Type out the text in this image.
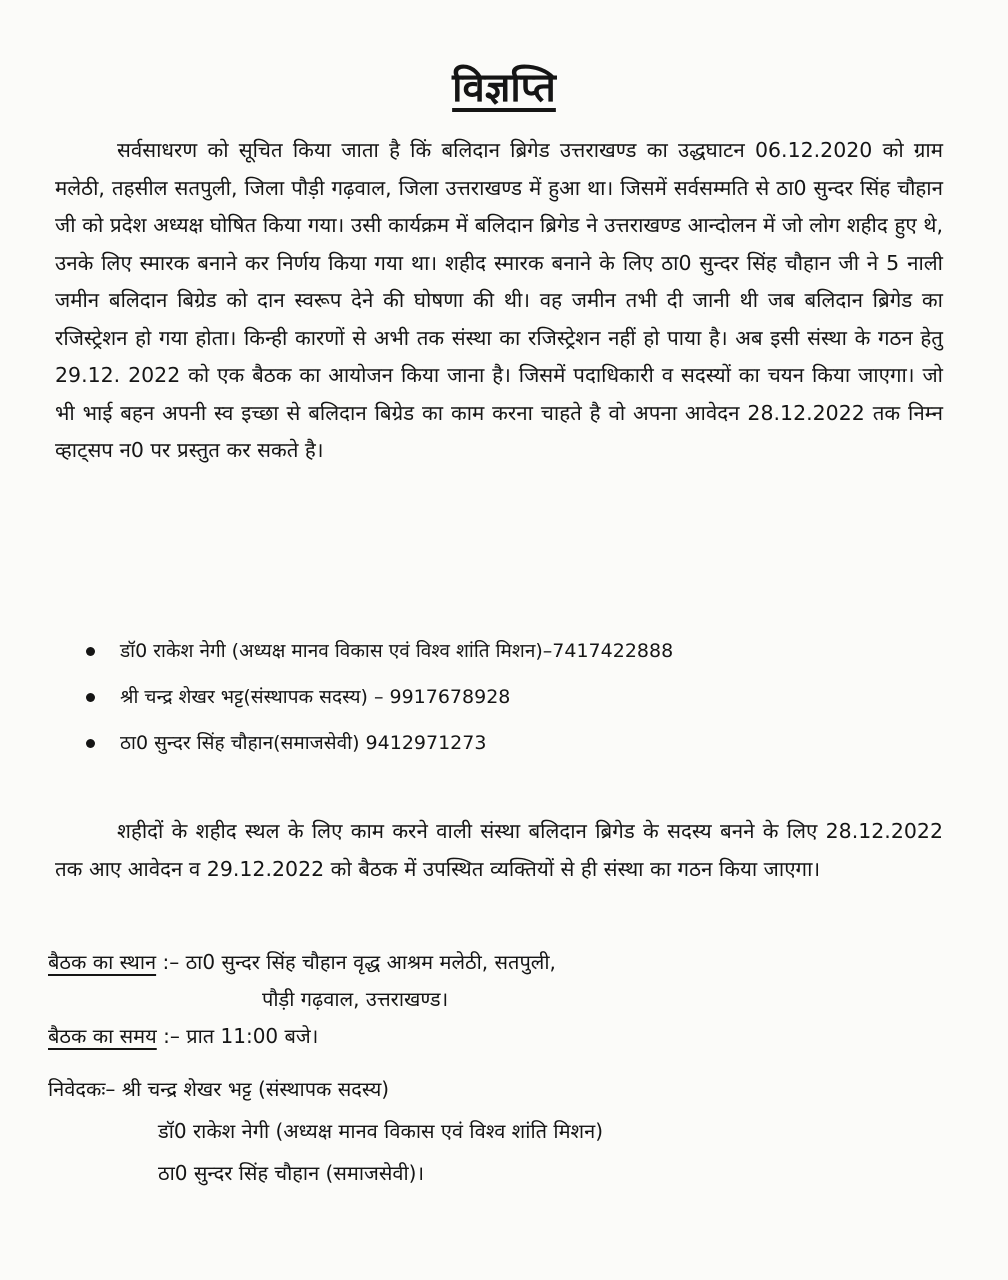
विज्ञप्ति

सर्वसाधरण को सूचित किया जाता है किं बलिदान ब्रिगेड उत्तराखण्ड का उद्धघाटन 06.12.2020 को ग्राम मलेठी, तहसील सतपुली, जिला पौड़ी गढ़वाल, जिला उत्तराखण्ड में हुआ था। जिसमें सर्वसम्मति से ठा0 सुन्दर सिंह चौहान जी को प्रदेश अध्यक्ष घोषित किया गया। उसी कार्यक्रम में बलिदान ब्रिगेड ने उत्तराखण्ड आन्दोलन में जो लोग शहीद हुए थे, उनके लिए स्मारक बनाने कर निर्णय किया गया था। शहीद स्मारक बनाने के लिए ठा0 सुन्दर सिंह चौहान जी ने 5 नाली जमीन बलिदान बिग्रेड को दान स्वरूप देने की घोषणा की थी। वह जमीन तभी दी जानी थी जब बलिदान ब्रिगेड का रजिस्ट्रेशन हो गया होता। किन्ही कारणों से अभी तक संस्था का रजिस्ट्रेशन नहीं हो पाया है। अब इसी संस्था के गठन हेतु 29.12. 2022 को एक बैठक का आयोजन किया जाना है। जिसमें पदाधिकारी व सदस्यों का चयन किया जाएगा। जो भी भाई बहन अपनी स्व इच्छा से बलिदान बिग्रेड का काम करना चाहते है वो अपना आवेदन 28.12.2022 तक निम्न व्हाट्सप न0 पर प्रस्तुत कर सकते है।

डॉ0 राकेश नेगी (अध्यक्ष मानव विकास एवं विश्व शांति मिशन)–7417422888
श्री चन्द्र शेखर भट्ट(संस्थापक सदस्य) – 9917678928
ठा0 सुन्दर सिंह चौहान(समाजसेवी) 9412971273

शहीदों के शहीद स्थल के लिए काम करने वाली संस्था बलिदान ब्रिगेड के सदस्य बनने के लिए 28.12.2022 तक आए आवेदन व 29.12.2022 को बैठक में उपस्थित व्यक्तियों से ही संस्था का गठन किया जाएगा।

बैठक का स्थान :– ठा0 सुन्दर सिंह चौहान वृद्ध आश्रम मलेठी, सतपुली,
पौड़ी गढ़वाल, उत्तराखण्ड।
बैठक का समय :– प्रात 11:00 बजे।
निवेदकः– श्री चन्द्र शेखर भट्ट (संस्थापक सदस्य)
डॉ0 राकेश नेगी (अध्यक्ष मानव विकास एवं विश्व शांति मिशन)
ठा0 सुन्दर सिंह चौहान (समाजसेवी)।
